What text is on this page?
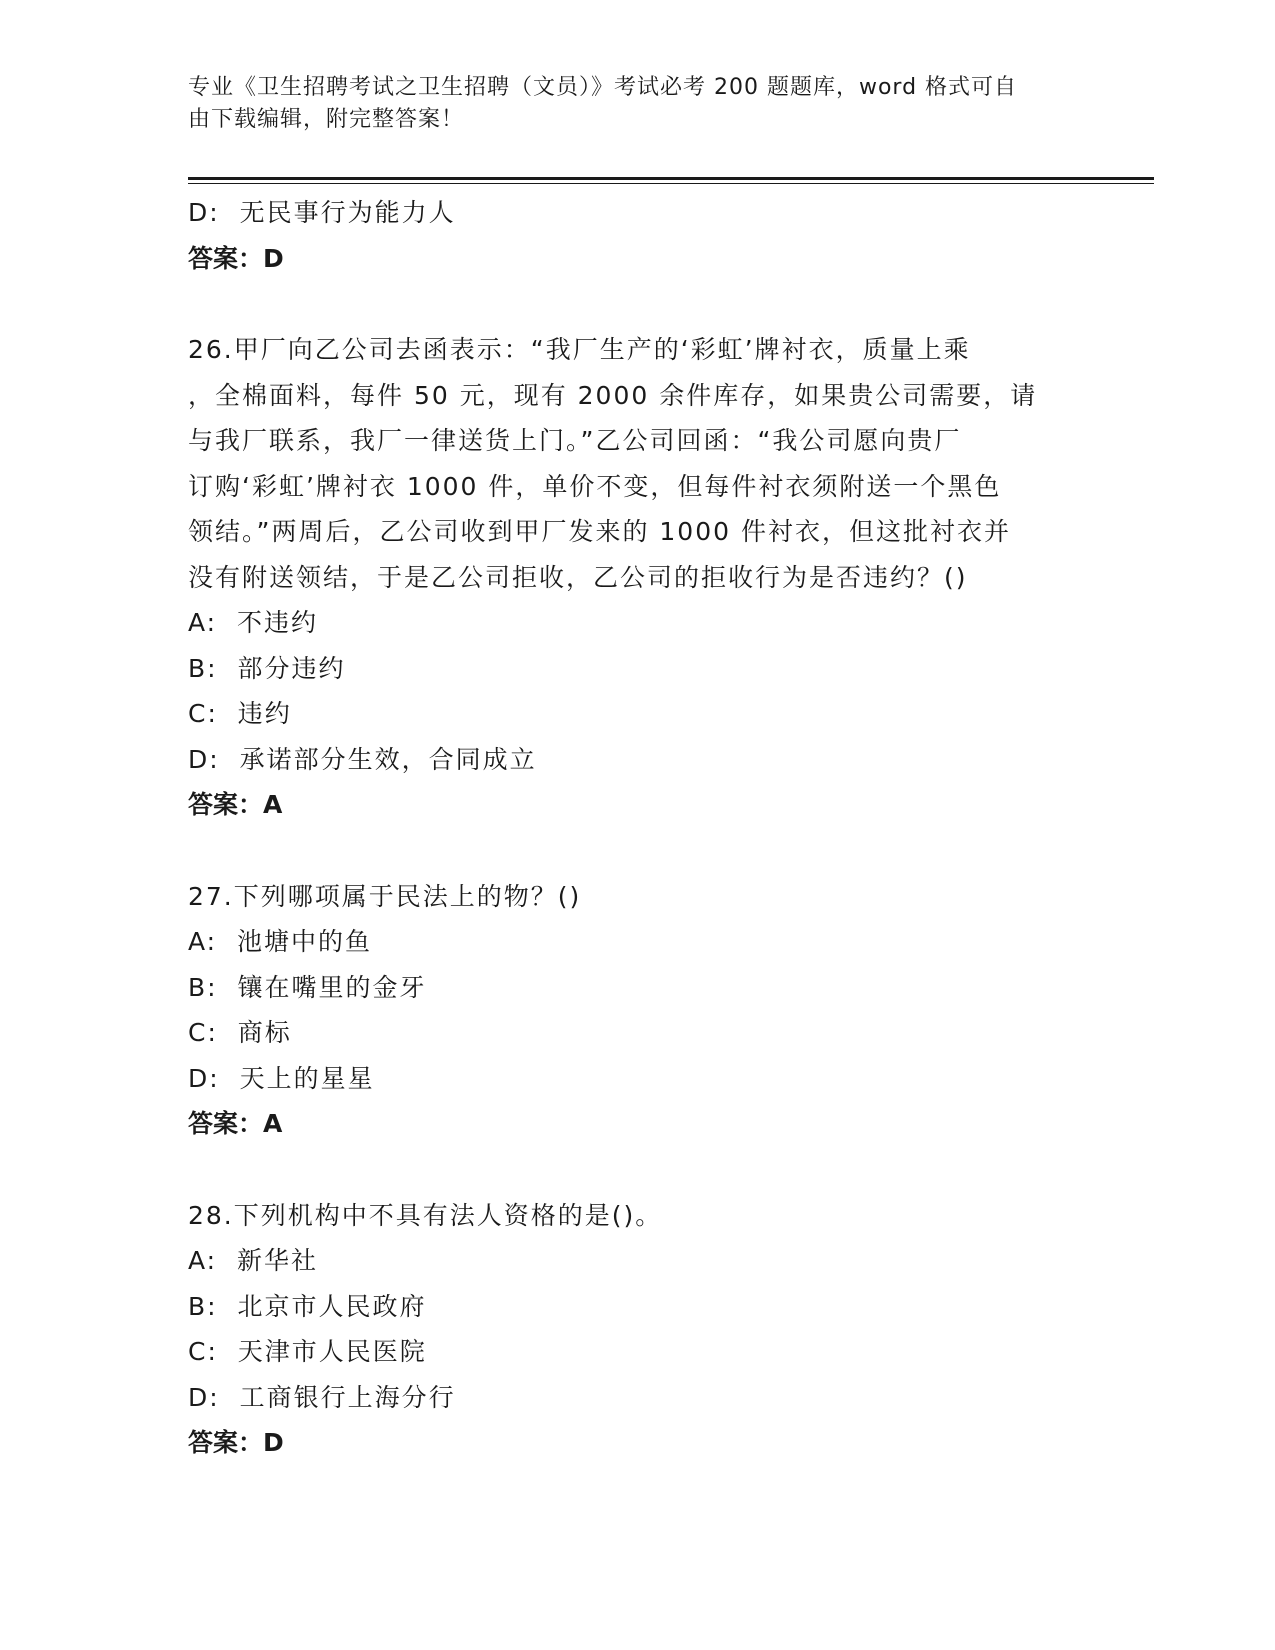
专业《卫生招聘考试之卫生招聘（文员）》考试必考 200 题题库，word 格式可自
由下载编辑，附完整答案！
D:  无民事行为能力人
答案：D
26.甲厂向乙公司去函表示：“我厂生产的‘彩虹’牌衬衣，质量上乘
，全棉面料，每件 50 元，现有 2000 余件库存，如果贵公司需要，请
与我厂联系，我厂一律送货上门。”乙公司回函：“我公司愿向贵厂
订购‘彩虹’牌衬衣 1000 件，单价不变，但每件衬衣须附送一个黑色
领结。”两周后，乙公司收到甲厂发来的 1000 件衬衣，但这批衬衣并
没有附送领结，于是乙公司拒收，乙公司的拒收行为是否违约？()
A:  不违约
B:  部分违约
C:  违约
D:  承诺部分生效，合同成立
答案：A
27.下列哪项属于民法上的物？()
A:  池塘中的鱼
B:  镶在嘴里的金牙
C:  商标
D:  天上的星星
答案：A
28.下列机构中不具有法人资格的是()。
A:  新华社
B:  北京市人民政府
C:  天津市人民医院
D:  工商银行上海分行
答案：D
